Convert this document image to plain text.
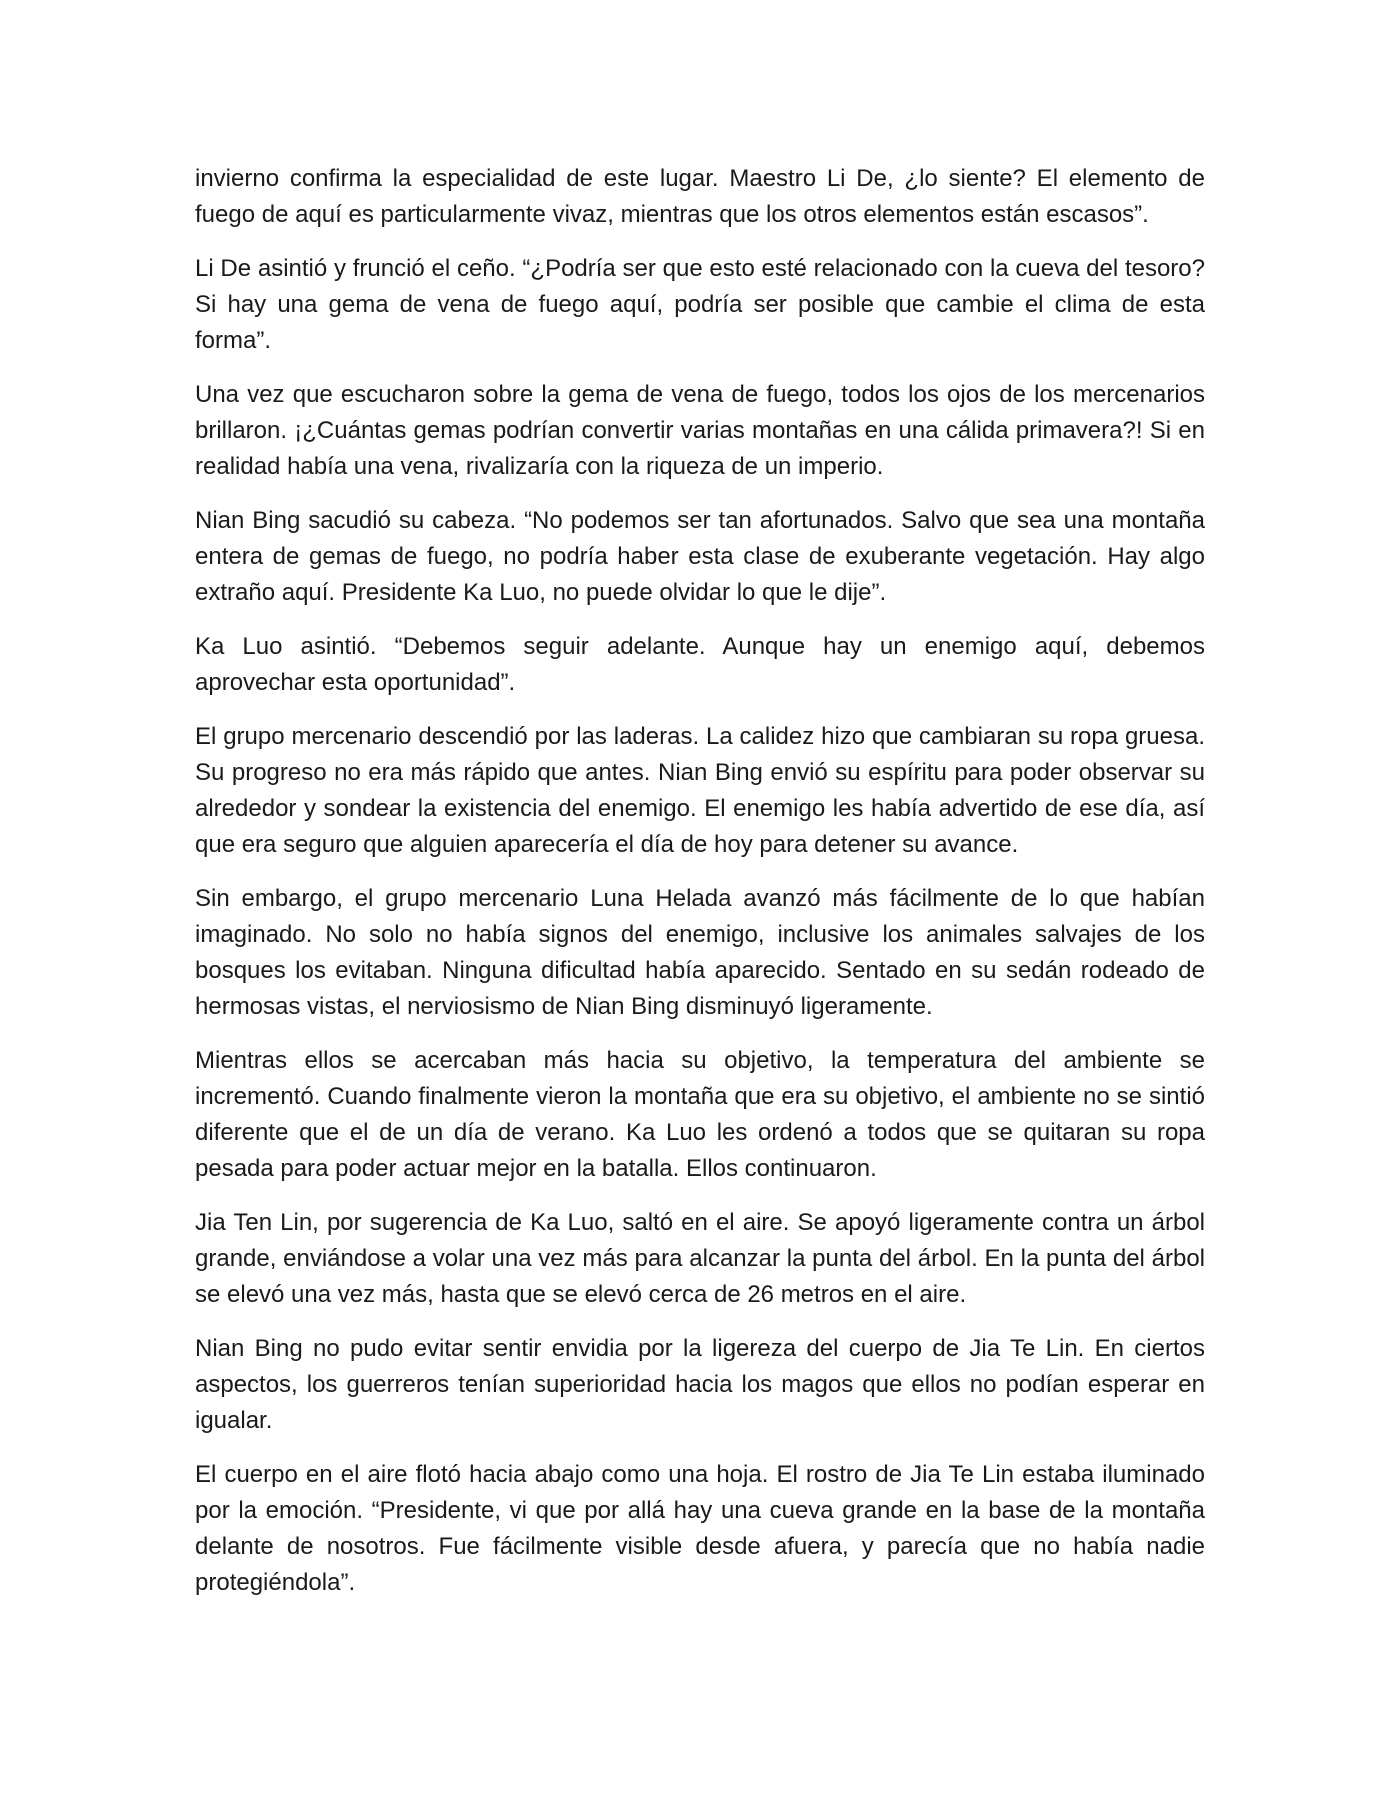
invierno confirma la especialidad de este lugar. Maestro Li De, ¿lo siente? El elemento de fuego de aquí es particularmente vivaz, mientras que los otros elementos están escasos”.

Li De asintió y frunció el ceño. “¿Podría ser que esto esté relacionado con la cueva del tesoro? Si hay una gema de vena de fuego aquí, podría ser posible que cambie el clima de esta forma”.

Una vez que escucharon sobre la gema de vena de fuego, todos los ojos de los mercenarios brillaron. ¡¿Cuántas gemas podrían convertir varias montañas en una cálida primavera?! Si en realidad había una vena, rivalizaría con la riqueza de un imperio.

Nian Bing sacudió su cabeza. “No podemos ser tan afortunados. Salvo que sea una montaña entera de gemas de fuego, no podría haber esta clase de exuberante vegetación. Hay algo extraño aquí. Presidente Ka Luo, no puede olvidar lo que le dije”.

Ka Luo asintió. “Debemos seguir adelante. Aunque hay un enemigo aquí, debemos aprovechar esta oportunidad”.

El grupo mercenario descendió por las laderas. La calidez hizo que cambiaran su ropa gruesa. Su progreso no era más rápido que antes. Nian Bing envió su espíritu para poder observar su alrededor y sondear la existencia del enemigo. El enemigo les había advertido de ese día, así que era seguro que alguien aparecería el día de hoy para detener su avance.

Sin embargo, el grupo mercenario Luna Helada avanzó más fácilmente de lo que habían imaginado. No solo no había signos del enemigo, inclusive los animales salvajes de los bosques los evitaban. Ninguna dificultad había aparecido. Sentado en su sedán rodeado de hermosas vistas, el nerviosismo de Nian Bing disminuyó ligeramente.

Mientras ellos se acercaban más hacia su objetivo, la temperatura del ambiente se incrementó. Cuando finalmente vieron la montaña que era su objetivo, el ambiente no se sintió diferente que el de un día de verano. Ka Luo les ordenó a todos que se quitaran su ropa pesada para poder actuar mejor en la batalla. Ellos continuaron.

Jia Ten Lin, por sugerencia de Ka Luo, saltó en el aire. Se apoyó ligeramente contra un árbol grande, enviándose a volar una vez más para alcanzar la punta del árbol. En la punta del árbol se elevó una vez más, hasta que se elevó cerca de 26 metros en el aire.

Nian Bing no pudo evitar sentir envidia por la ligereza del cuerpo de Jia Te Lin. En ciertos aspectos, los guerreros tenían superioridad hacia los magos que ellos no podían esperar en igualar.

El cuerpo en el aire flotó hacia abajo como una hoja. El rostro de Jia Te Lin estaba iluminado por la emoción. “Presidente, vi que por allá hay una cueva grande en la base de la montaña delante de nosotros. Fue fácilmente visible desde afuera, y parecía que no había nadie protegiéndola”.
